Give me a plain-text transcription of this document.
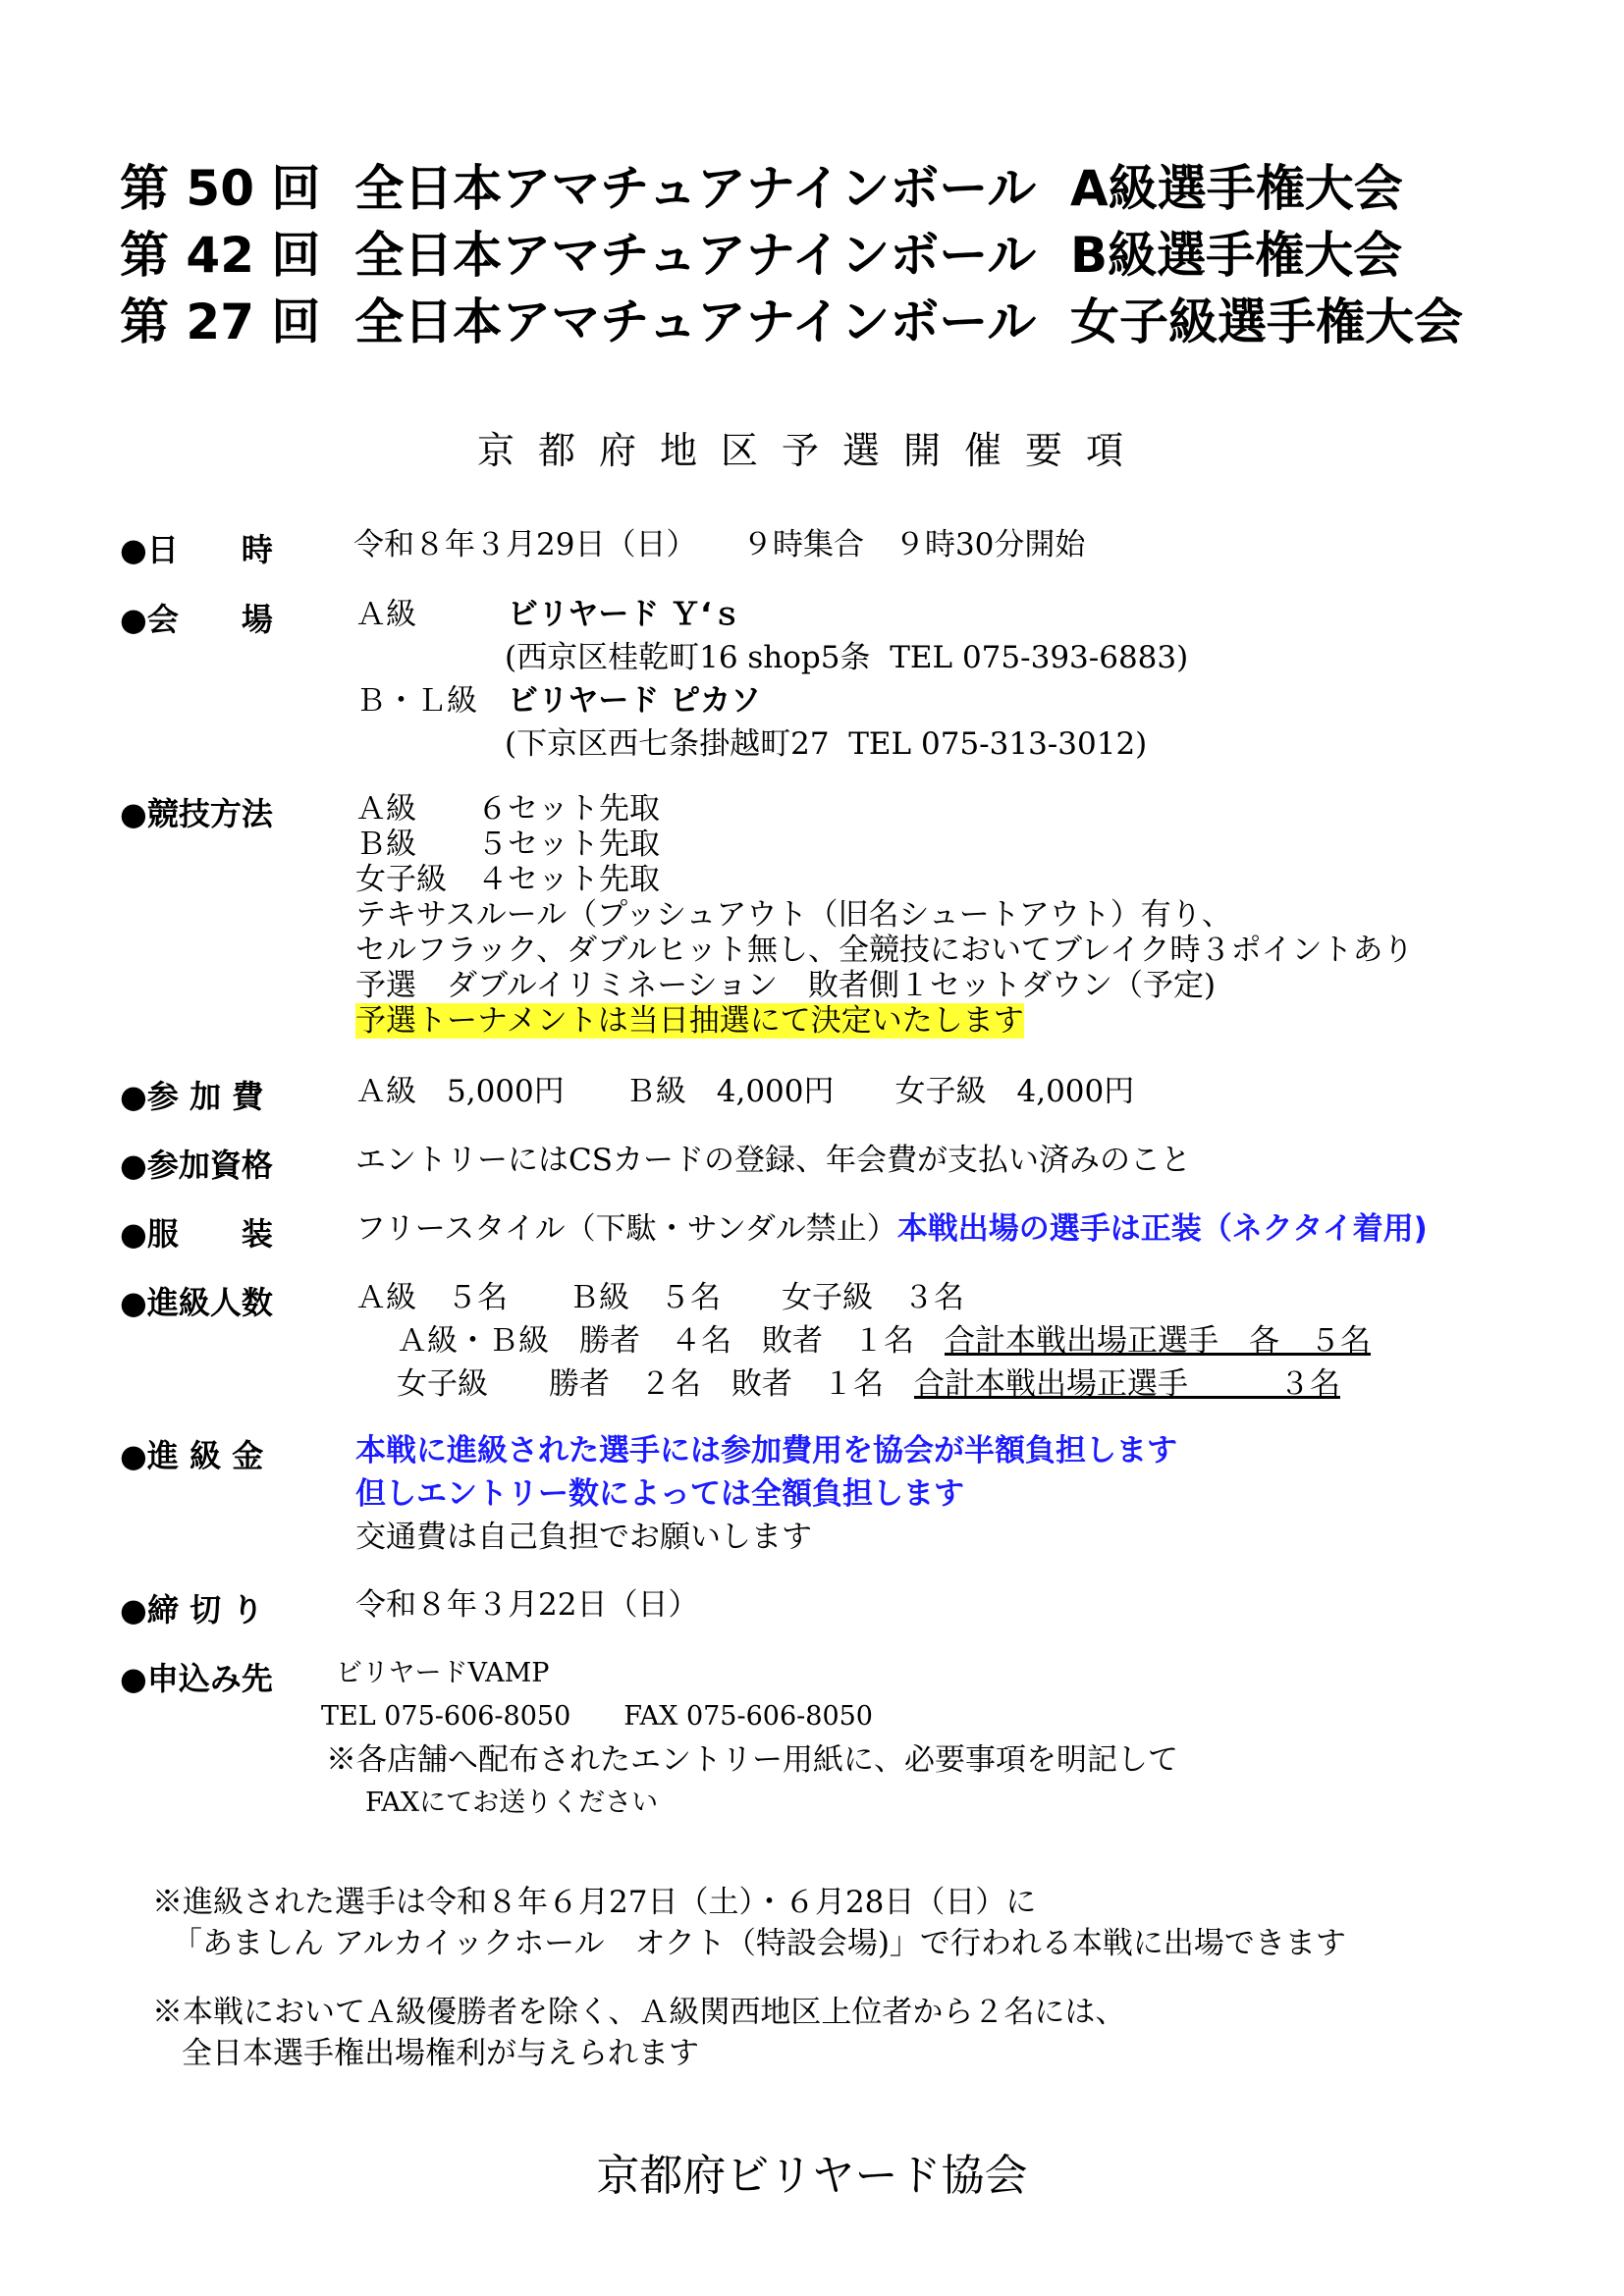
第 50 回  全日本アマチュアナインボール  A級選手権大会
第 42 回  全日本アマチュアナインボール  B級選手権大会
第 27 回  全日本アマチュアナインボール  女子級選手権大会
京都府地区予選開催要項
●日　　時	令和８年３月29日（日）　　９時集合　９時30分開始
●会　　場	Ａ級	ビリヤード Ｙ‘ｓ
(西京区桂乾町16 shop5条  TEL 075-393-6883)
Ｂ・Ｌ級 ビリヤード ピカソ
(下京区西七条掛越町27  TEL 075-313-3012)
●競技方法	Ａ級　　６セット先取
Ｂ級　　５セット先取
女子級　４セット先取
テキサスルール（プッシュアウト（旧名シュートアウト）有り、
セルフラック、ダブルヒット無し、全競技においてブレイク時３ポイントあり
予選　ダブルイリミネーション　敗者側１セットダウン（予定)
予選トーナメントは当日抽選にて決定いたします
●参 加 費	Ａ級　5,000円　　Ｂ級　4,000円　　女子級　4,000円
●参加資格	エントリーにはCSカードの登録、年会費が支払い済みのこと
●服　　装	フリースタイル（下駄・サンダル禁止）本戦出場の選手は正装（ネクタイ着用)
●進級人数	Ａ級　５名　　Ｂ級　５名　　女子級　３名
Ａ級・Ｂ級　勝者　４名　敗者　１名　合計本戦出場正選手　各　５名
女子級　　勝者　２名　敗者　１名　合計本戦出場正選手　　　３名
●進 級 金	本戦に進級された選手には参加費用を協会が半額負担します
但しエントリー数によっては全額負担します
交通費は自己負担でお願いします
●締 切 り	令和８年３月22日（日）
●申込み先 ビリヤードVAMP
TEL 075-606-8050　　FAX 075-606-8050
※各店舗へ配布されたエントリー用紙に、必要事項を明記して
FAXにてお送りください
※進級された選手は令和８年６月27日（土）・６月28日（日）に
「あましん アルカイックホール　オクト（特設会場)」で行われる本戦に出場できます
※本戦においてＡ級優勝者を除く、Ａ級関西地区上位者から２名には、
全日本選手権出場権利が与えられます
京都府ビリヤード協会
